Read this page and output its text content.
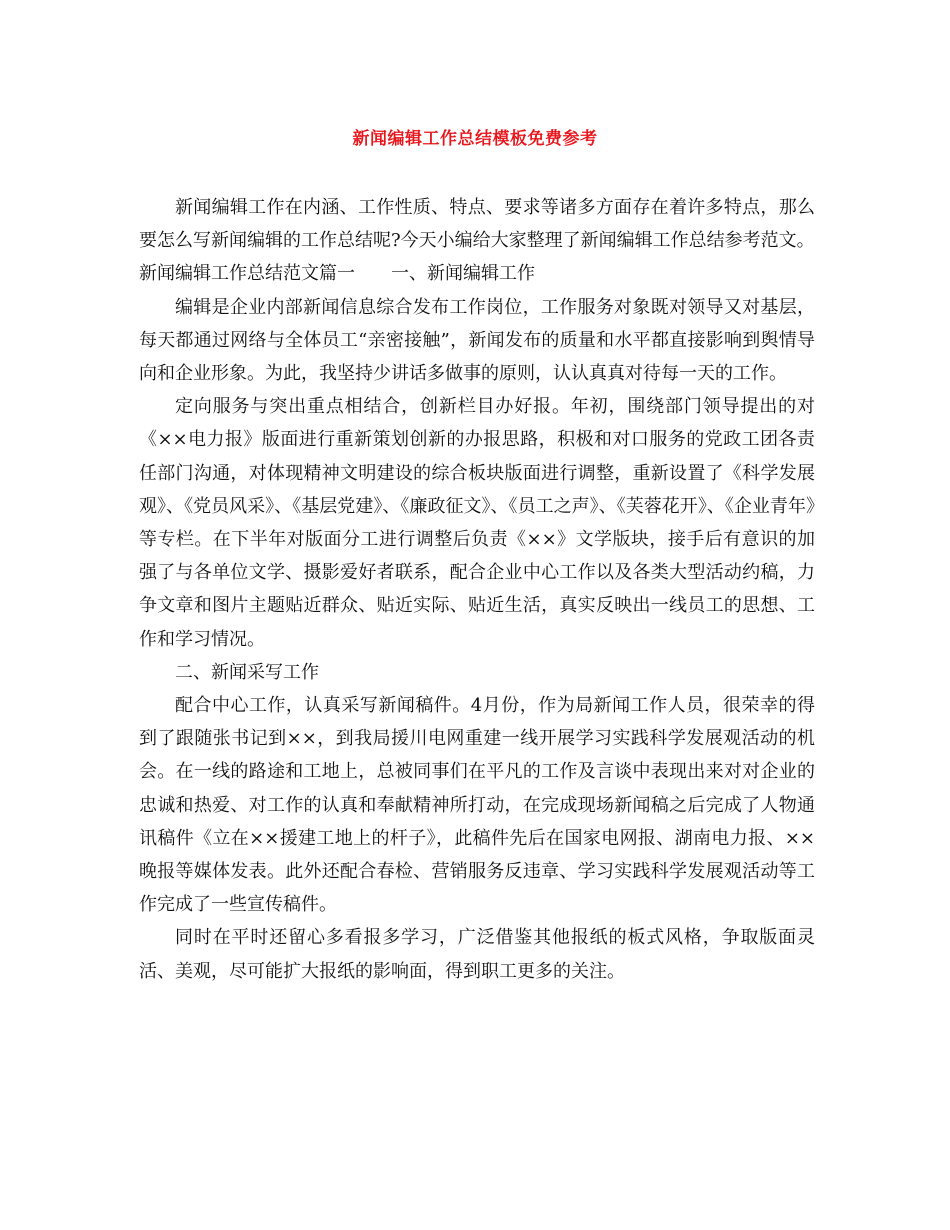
新闻编辑工作总结模板免费参考

新闻编辑工作在内涵、工作性质、特点、要求等诸多方面存在着许多特点，那么要怎么写新闻编辑的工作总结呢?今天小编给大家整理了新闻编辑工作总结参考范文。

新闻编辑工作总结范文篇一　　一、新闻编辑工作

编辑是企业内部新闻信息综合发布工作岗位，工作服务对象既对领导又对基层，每天都通过网络与全体员工“亲密接触”，新闻发布的质量和水平都直接影响到舆情导向和企业形象。为此，我坚持少讲话多做事的原则，认认真真对待每一天的工作。

定向服务与突出重点相结合，创新栏目办好报。年初，围绕部门领导提出的对《××电力报》版面进行重新策划创新的办报思路，积极和对口服务的党政工团各责任部门沟通，对体现精神文明建设的综合板块版面进行调整，重新设置了《科学发展观》、《党员风采》、《基层党建》、《廉政征文》、《员工之声》、《芙蓉花开》、《企业青年》等专栏。在下半年对版面分工进行调整后负责《××》文学版块，接手后有意识的加强了与各单位文学、摄影爱好者联系，配合企业中心工作以及各类大型活动约稿，力争文章和图片主题贴近群众、贴近实际、贴近生活，真实反映出一线员工的思想、工作和学习情况。

二、新闻采写工作

配合中心工作，认真采写新闻稿件。4月份，作为局新闻工作人员，很荣幸的得到了跟随张书记到××，到我局援川电网重建一线开展学习实践科学发展观活动的机会。在一线的路途和工地上，总被同事们在平凡的工作及言谈中表现出来对对企业的忠诚和热爱、对工作的认真和奉献精神所打动，在完成现场新闻稿之后完成了人物通讯稿件《立在××援建工地上的杆子》，此稿件先后在国家电网报、湖南电力报、××晚报等媒体发表。此外还配合春检、营销服务反违章、学习实践科学发展观活动等工作完成了一些宣传稿件。

同时在平时还留心多看报多学习，广泛借鉴其他报纸的板式风格，争取版面灵活、美观，尽可能扩大报纸的影响面，得到职工更多的关注。
